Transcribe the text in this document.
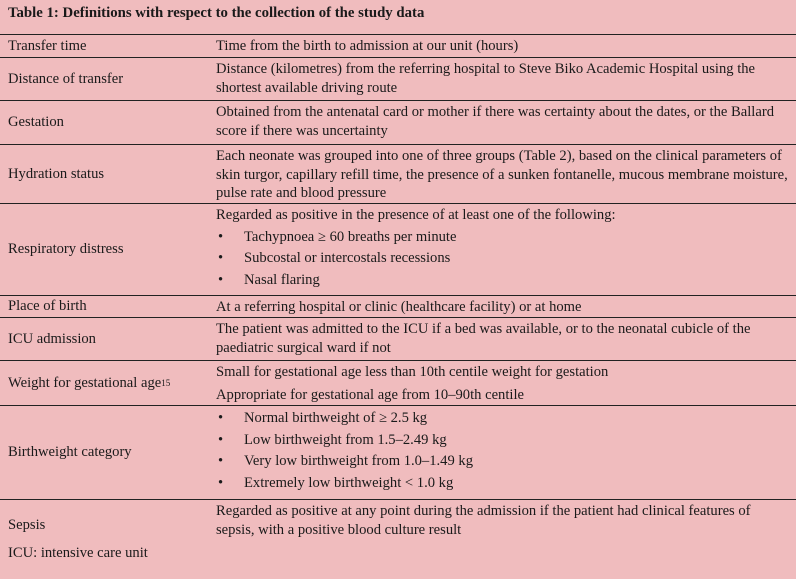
Table 1: Definitions with respect to the collection of the study data
Transfer time	Time from the birth to admission at our unit (hours)

Distance of transfer

Distance (kilometres) from the referring hospital to Steve Biko Academic Hospital using the shortest available driving route

Gestation

Obtained from the antenatal card or mother if there was certainty about the dates, or the Ballard score if there was uncertainty

Hydration status

Each neonate was grouped into one of three groups (Table 2), based on the clinical parameters of skin turgor, capillary refill time, the presence of a sunken fontanelle, mucous membrane moisture, pulse rate and blood pressure

Respiratory distress

Regarded as positive in the presence of at least one of the following:

• Tachypnoea ≥ 60 breaths per minute
• Subcostal or intercostals recessions
• Nasal flaring
Place of birth	At a referring hospital or clinic (healthcare facility) or at home

ICU admission

The patient was admitted to the ICU if a bed was available, or to the neonatal cubicle of the paediatric surgical ward if not

Weight for gestational age 15

Small for gestational age less than 10th centile weight for gestation

Appropriate for gestational age from 10–90th centile

Birthweight category
• Normal birthweight of ≥ 2.5 kg
• Low birthweight from 1.5–2.49 kg
• Very low birthweight from 1.0–1.49 kg
• Extremely low birthweight < 1.0 kg
Sepsis

Regarded as positive at any point during the admission if the patient had clinical features of sepsis, with a positive blood culture result

ICU: intensive care unit
